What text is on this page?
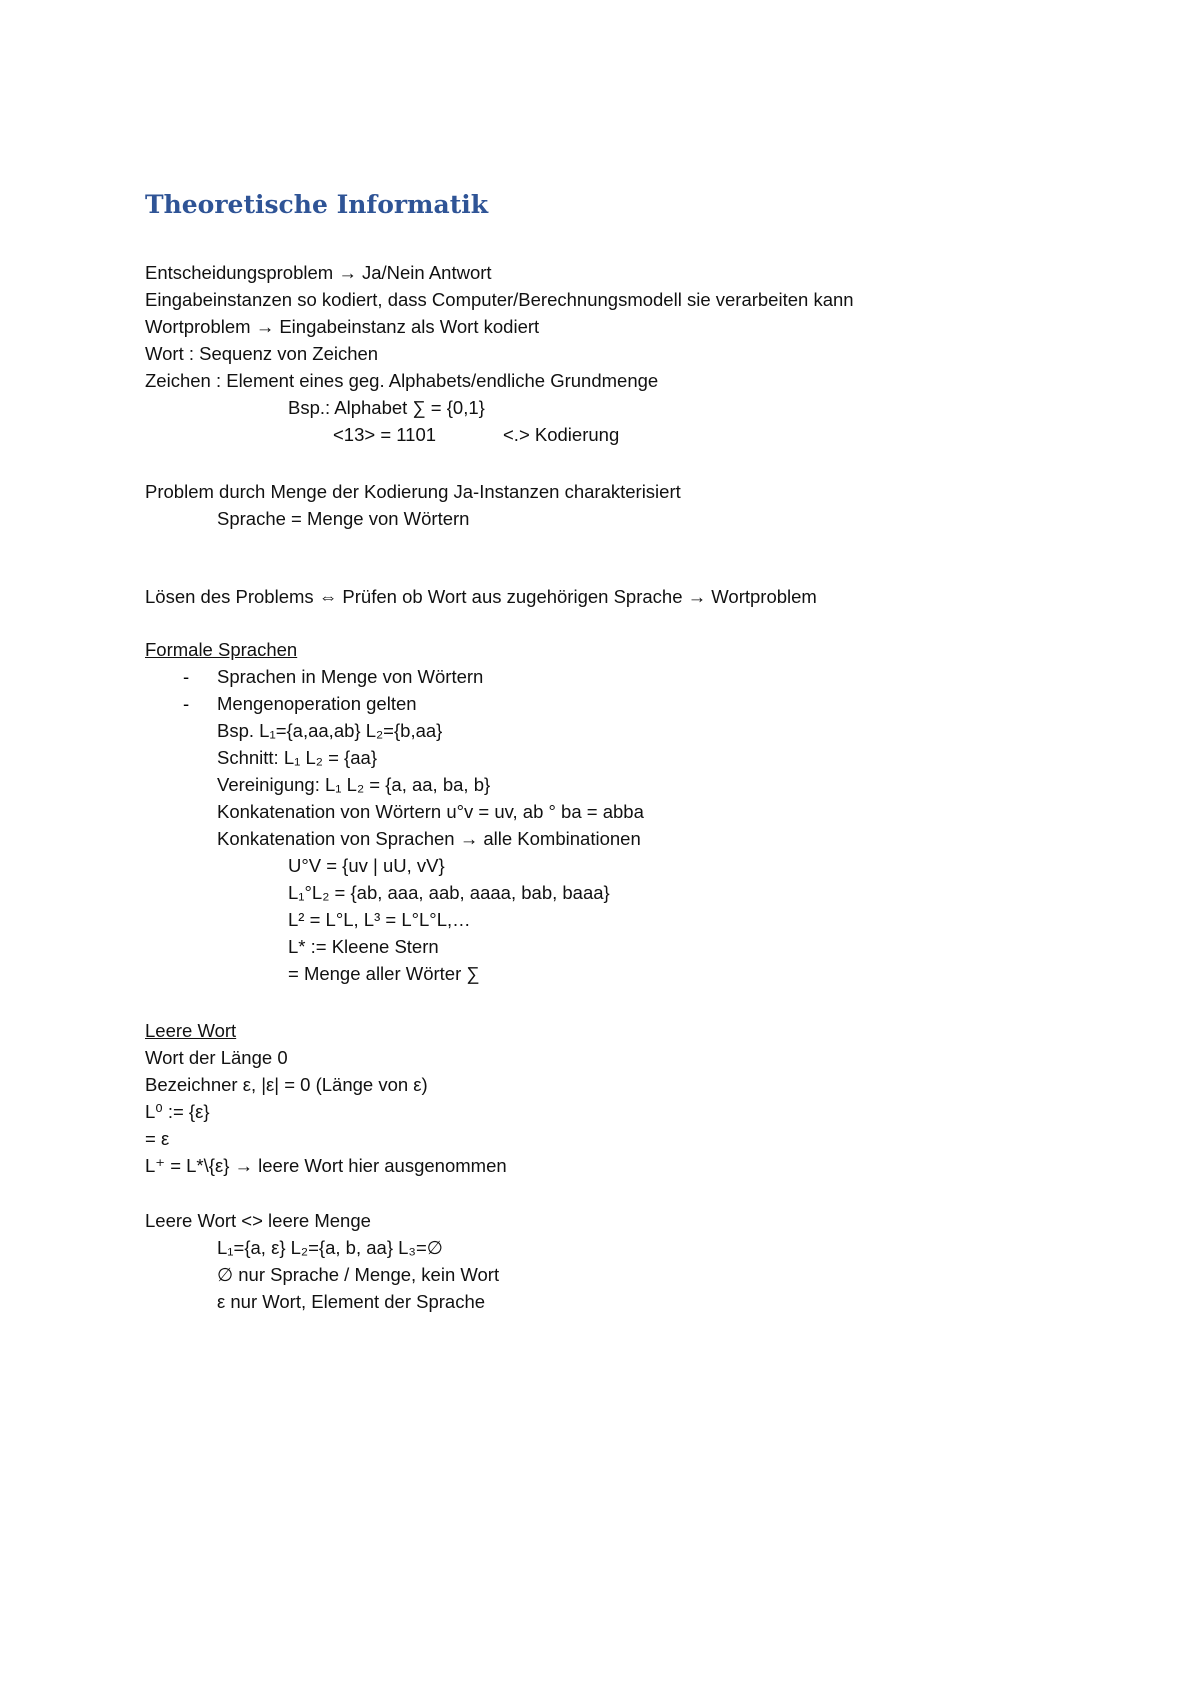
Theoretische Informatik
Entscheidungsproblem → Ja/Nein Antwort
Eingabeinstanzen so kodiert, dass Computer/Berechnungsmodell sie verarbeiten kann
Wortproblem → Eingabeinstanz als Wort kodiert
Wort : Sequenz von Zeichen
Zeichen : Element eines geg. Alphabets/endliche Grundmenge
Bsp.: Alphabet ∑ = {0,1}
<13> = 1101	<.> Kodierung
Problem durch Menge der Kodierung Ja-Instanzen charakterisiert
Sprache = Menge von Wörtern
Lösen des Problems ⇔ Prüfen ob Wort aus zugehörigen Sprache → Wortproblem
Formale Sprachen
- Sprachen in Menge von Wörtern
- Mengenoperation gelten
Bsp. L₁={a,aa,ab} L₂={b,aa}
Schnitt: L₁ L₂ = {aa}
Vereinigung: L₁ L₂ = {a, aa, ba, b}
Konkatenation von Wörtern u°v = uv, ab ° ba = abba
Konkatenation von Sprachen → alle Kombinationen
U°V = {uv | uU, vV}
L₁°L₂ = {ab, aaa, aab, aaaa, bab, baaa}
L² = L°L, L³ = L°L°L,…
L* := Kleene Stern
= Menge aller Wörter ∑
Leere Wort
Wort der Länge 0
Bezeichner ε, |ε| = 0 (Länge von ε)
L⁰ := {ε}
= ε
L⁺ = L*\{ε} → leere Wort hier ausgenommen
Leere Wort <> leere Menge
L₁={a, ε} L₂={a, b, aa} L₃=∅
∅ nur Sprache / Menge, kein Wort
ε nur Wort, Element der Sprache
